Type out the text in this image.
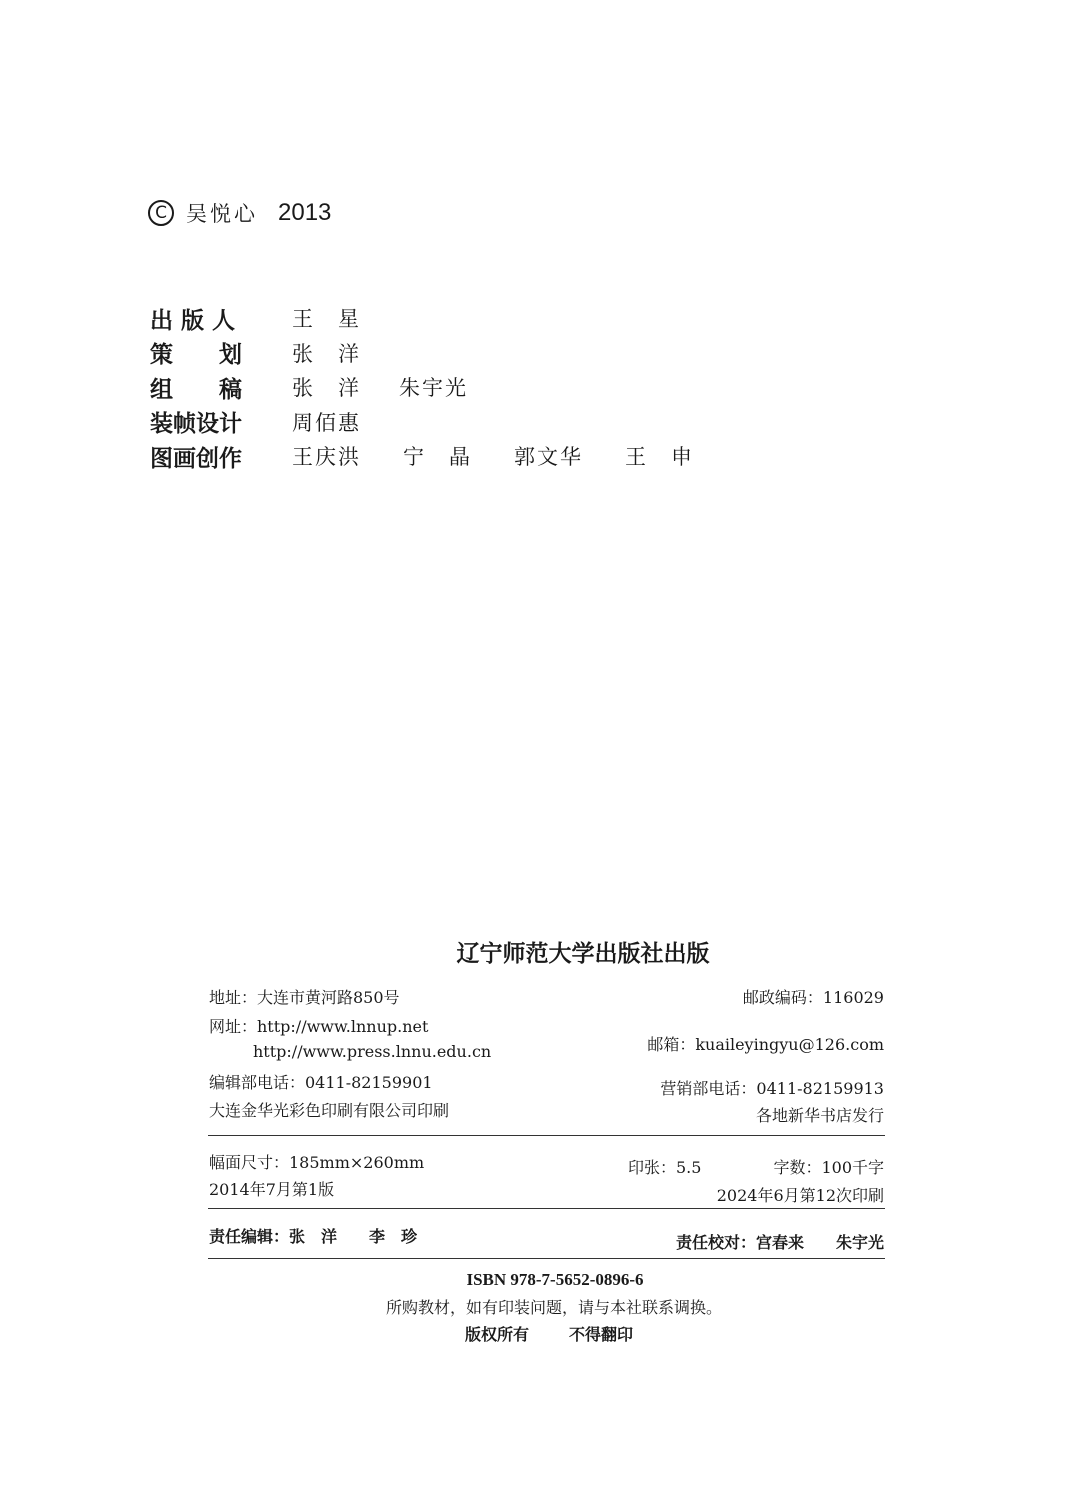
C 吴悦心 2013
出 版 人	王　星
策　　划	张　洋
组　　稿	张　洋 朱宇光
装帧设计	周佰惠
图画创作	王庆洪 宁　晶 郭文华 王　申
辽宁师范大学出版社出版
地址：大连市黄河路850号
网址：http://www.lnnup.net
http://www.press.lnnu.edu.cn
编辑部电话：0411-82159901
大连金华光彩色印刷有限公司印刷
邮政编码：116029
邮箱：kuaileyingyu@126.com
营销部电话：0411-82159913
各地新华书店发行
幅面尺寸：185mm×260mm	印张：5.5	字数：100千字
2014年7月第1版	2024年6月第12次印刷
责任编辑：张　洋　　李　珍	责任校对：宫春来　　朱宇光
ISBN 978-7-5652-0896-6
所购教材，如有印装问题，请与本社联系调换。
版权所有	不得翻印
